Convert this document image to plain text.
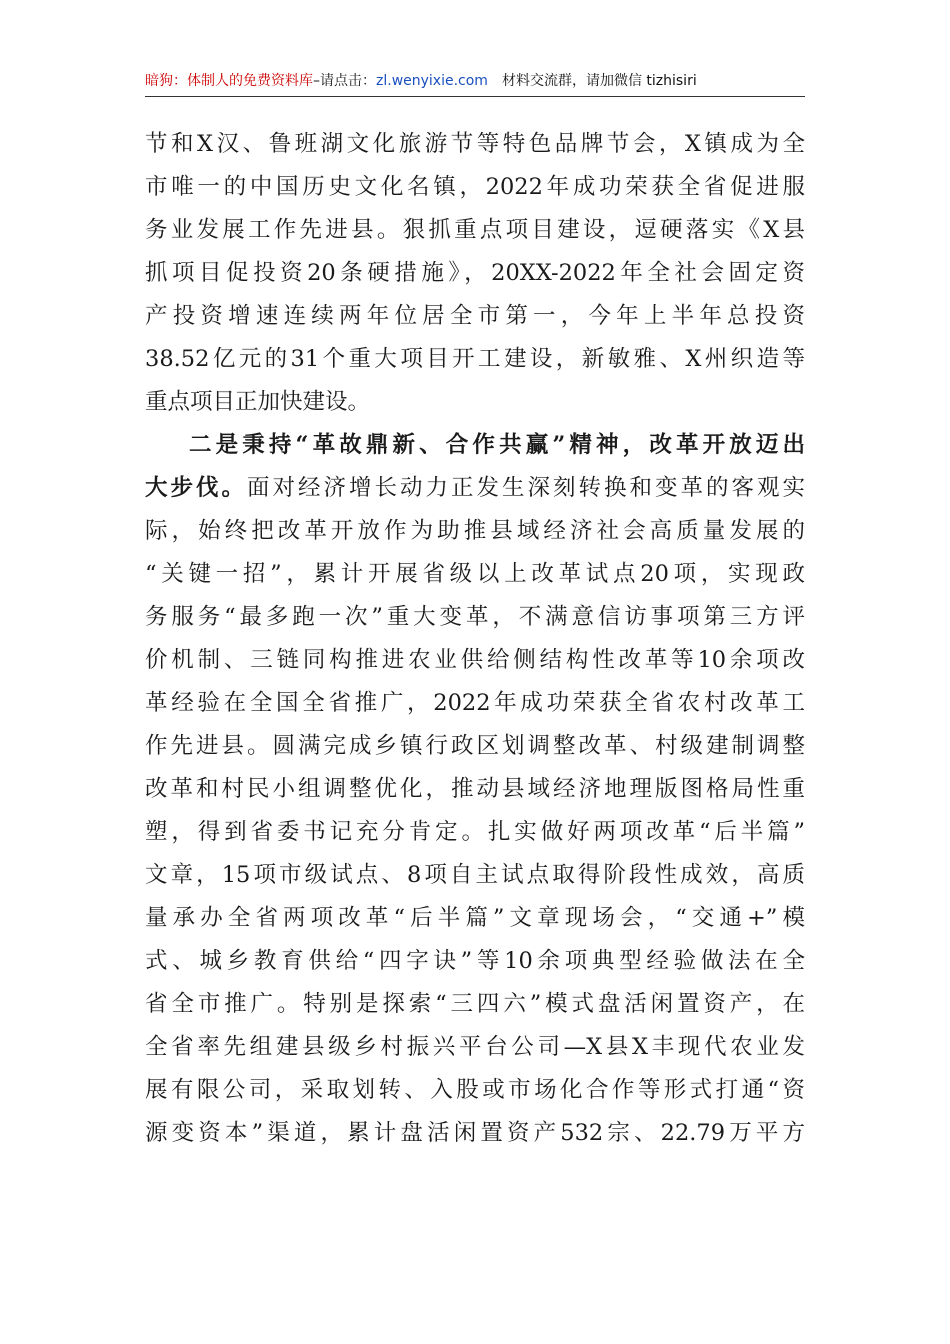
暗狗：体制人的免费资料库–请点击：zl.wenyixie.com 材料交流群，请加微信 tizhisiri
节和X汉、鲁班湖文化旅游节等特色品牌节会，X镇成为全
市唯一的中国历史文化名镇，2022年成功荣获全省促进服
务业发展工作先进县。狠抓重点项目建设，逗硬落实《X县
抓项目促投资20条硬措施》，20XX-2022年全社会固定资
产投资增速连续两年位居全市第一，今年上半年总投资
38.52亿元的31个重大项目开工建设，新敏雅、X州织造等
重点项目正加快建设。
二是秉持“革故鼎新、合作共赢”精神，改革开放迈出
大步伐。面对经济增长动力正发生深刻转换和变革的客观实
际，始终把改革开放作为助推县域经济社会高质量发展的
“关键一招”，累计开展省级以上改革试点20项，实现政
务服务“最多跑一次”重大变革，不满意信访事项第三方评
价机制、三链同构推进农业供给侧结构性改革等10余项改
革经验在全国全省推广，2022年成功荣获全省农村改革工
作先进县。圆满完成乡镇行政区划调整改革、村级建制调整
改革和村民小组调整优化，推动县域经济地理版图格局性重
塑，得到省委书记充分肯定。扎实做好两项改革“后半篇”
文章，15项市级试点、8项自主试点取得阶段性成效，高质
量承办全省两项改革“后半篇”文章现场会，“交通+”模
式、城乡教育供给“四字诀”等10余项典型经验做法在全
省全市推广。特别是探索“三四六”模式盘活闲置资产，在
全省率先组建县级乡村振兴平台公司—X县X丰现代农业发
展有限公司，采取划转、入股或市场化合作等形式打通“资
源变资本”渠道，累计盘活闲置资产532宗、22.79万平方
